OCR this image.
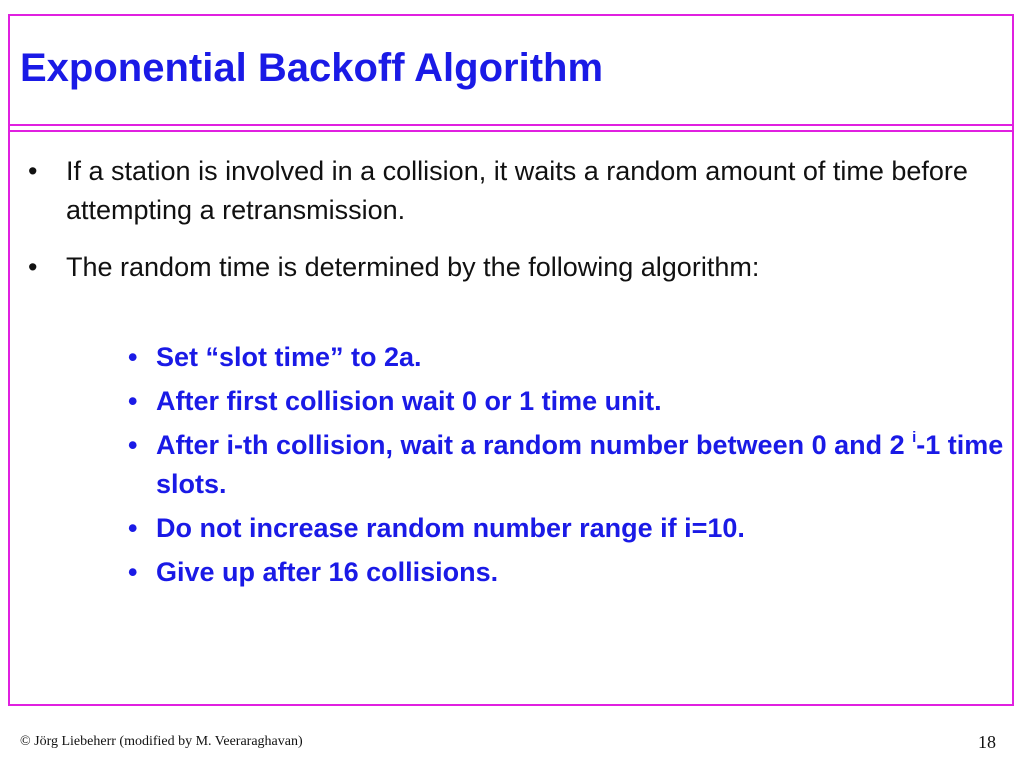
Exponential Backoff Algorithm
• If a station is involved in a collision, it waits a random amount of time before attempting a retransmission.
• The random time is determined by the following algorithm:
• Set “slot time” to 2a.
• After first collision wait 0 or 1 time unit.
• After i-th collision, wait a random number between 0 and 2 $^i$-1 time slots.
• Do not increase random number range if i=10.
• Give up after 16 collisions.
© Jörg Liebeherr (modified by M. Veeraraghavan)	18
